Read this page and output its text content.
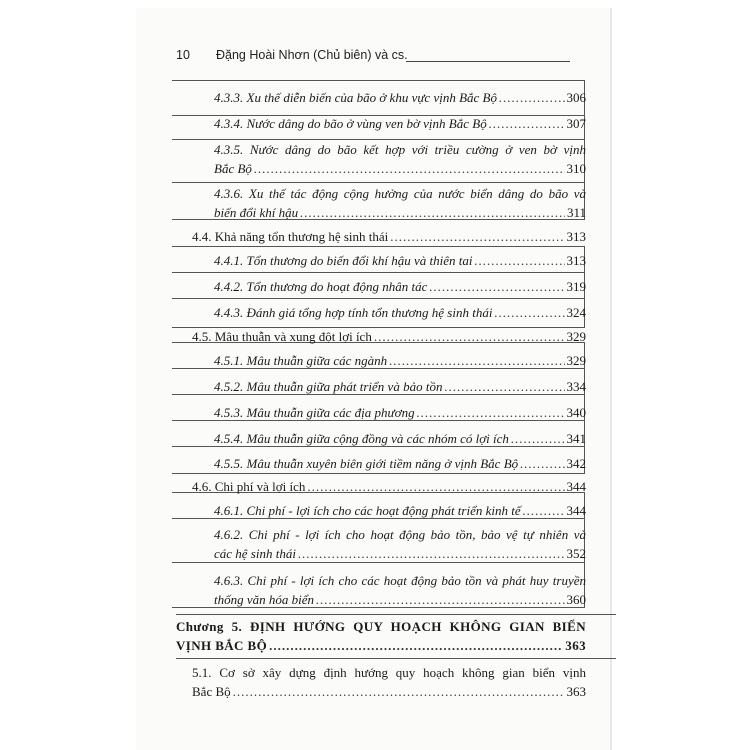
10 Đặng Hoài Nhơn (Chủ biên) và cs.
4.3.3. Xu thế diễn biến của bão ở khu vực vịnh Bắc Bộ .....	306
4.3.4. Nước dâng do bão ở vùng ven bờ vịnh Bắc Bộ .....	307
4.3.5. Nước dâng do bão kết hợp với triều cường ở ven bờ vịnh
Bắc Bộ .....	310
4.3.6. Xu thế tác động cộng hưởng của nước biển dâng do bão và
biến đổi khí hậu .....	311
4.4. Khả năng tổn thương hệ sinh thái .....	313
4.4.1. Tổn thương do biến đổi khí hậu và thiên tai .....	313
4.4.2. Tổn thương do hoạt động nhân tác .....	319
4.4.3. Đánh giá tổng hợp tính tổn thương hệ sinh thái .....	324
4.5. Mâu thuẫn và xung đột lợi ích .....	329
4.5.1. Mâu thuẫn giữa các ngành .....	329
4.5.2. Mâu thuẫn giữa phát triển và bảo tồn .....	334
4.5.3. Mâu thuẫn giữa các địa phương .....	340
4.5.4. Mâu thuẫn giữa cộng đồng và các nhóm có lợi ích .....	341
4.5.5. Mâu thuẫn xuyên biên giới tiềm năng ở vịnh Bắc Bộ .....	342
4.6. Chi phí và lợi ích .....	344
4.6.1. Chi phí - lợi ích cho các hoạt động phát triển kinh tế .....	344
4.6.2. Chi phí - lợi ích cho hoạt động bảo tồn, bảo vệ tự nhiên và
các hệ sinh thái .....	352
4.6.3. Chi phí - lợi ích cho các hoạt động bảo tồn và phát huy truyền
thống văn hóa biển .....	360
Chương 5. ĐỊNH HƯỚNG QUY HOẠCH KHÔNG GIAN BIỂN
VỊNH BẮC BỘ .....	363
5.1. Cơ sở xây dựng định hướng quy hoạch không gian biển vịnh
Bắc Bộ .....	363
